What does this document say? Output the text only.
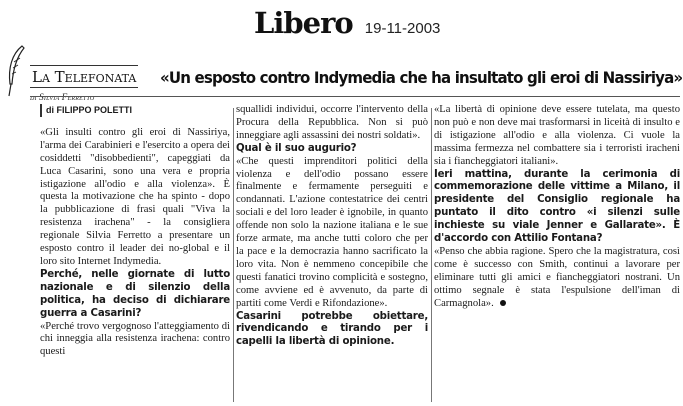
Libero 19-11-2003
La Telefonata
di Silvia Ferretto
«Un esposto contro Indymedia che ha insultato gli eroi di Nassiriya»

di FILIPPO POLETTI

«Gli insulti contro gli eroi di Nassiriya, l'arma dei Carabinieri e l'esercito a opera dei cosiddetti "disobbedienti", capeggiati da Luca Casarini, sono una vera e propria istigazione all'odio e alla violenza». È questa la motivazione che ha spinto - dopo la pubblicazione di frasi quali "Viva la resistenza irachena" - la consigliera regionale Silvia Ferretto a presentare un esposto contro il leader dei no-global e il loro sito Internet Indymedia.

Perché, nelle giornate di lutto nazionale e di silenzio della politica, ha deciso di dichiarare guerra a Casarini?

«Perché trovo vergognoso l'atteggiamento di chi inneggia alla resistenza irachena: contro questi

squallidi individui, occorre l'intervento della Procura della Repubblica. Non si può inneggiare agli assassini dei nostri soldati».

Qual è il suo augurio?

«Che questi imprenditori politici della violenza e dell'odio possano essere finalmente e fermamente perseguiti e condannati. L'azione contestatrice dei centri sociali e del loro leader è ignobile, in quanto offende non solo la nazione italiana e le sue forze armate, ma anche tutti coloro che per la pace e la democrazia hanno sacrificato la loro vita. Non è nemmeno concepibile che questi fanatici trovino complicità e sostegno, come avviene ed è avvenuto, da parte di partiti come Verdi e Rifondazione».

Casarini potrebbe obiettare, rivendicando e tirando per i capelli la libertà di opinione.

«La libertà di opinione deve essere tutelata, ma questo non può e non deve mai trasformarsi in liceità di insulto e di istigazione all'odio e alla violenza. Ci vuole la massima fermezza nel combattere sia i terroristi iracheni sia i fiancheggiatori italiani».

Ieri mattina, durante la cerimonia di commemorazione delle vittime a Milano, il presidente del Consiglio regionale ha puntato il dito contro «i silenzi sulle inchieste su viale Jenner e Gallarate». È d'accordo con Attilio Fontana?

«Penso che abbia ragione. Spero che la magistratura, così come è successo con Smith, continui a lavorare per eliminare tutti gli amici e fiancheggiatori nostrani. Un ottimo segnale è stata l'espulsione dell'iman di Carmagnola».
